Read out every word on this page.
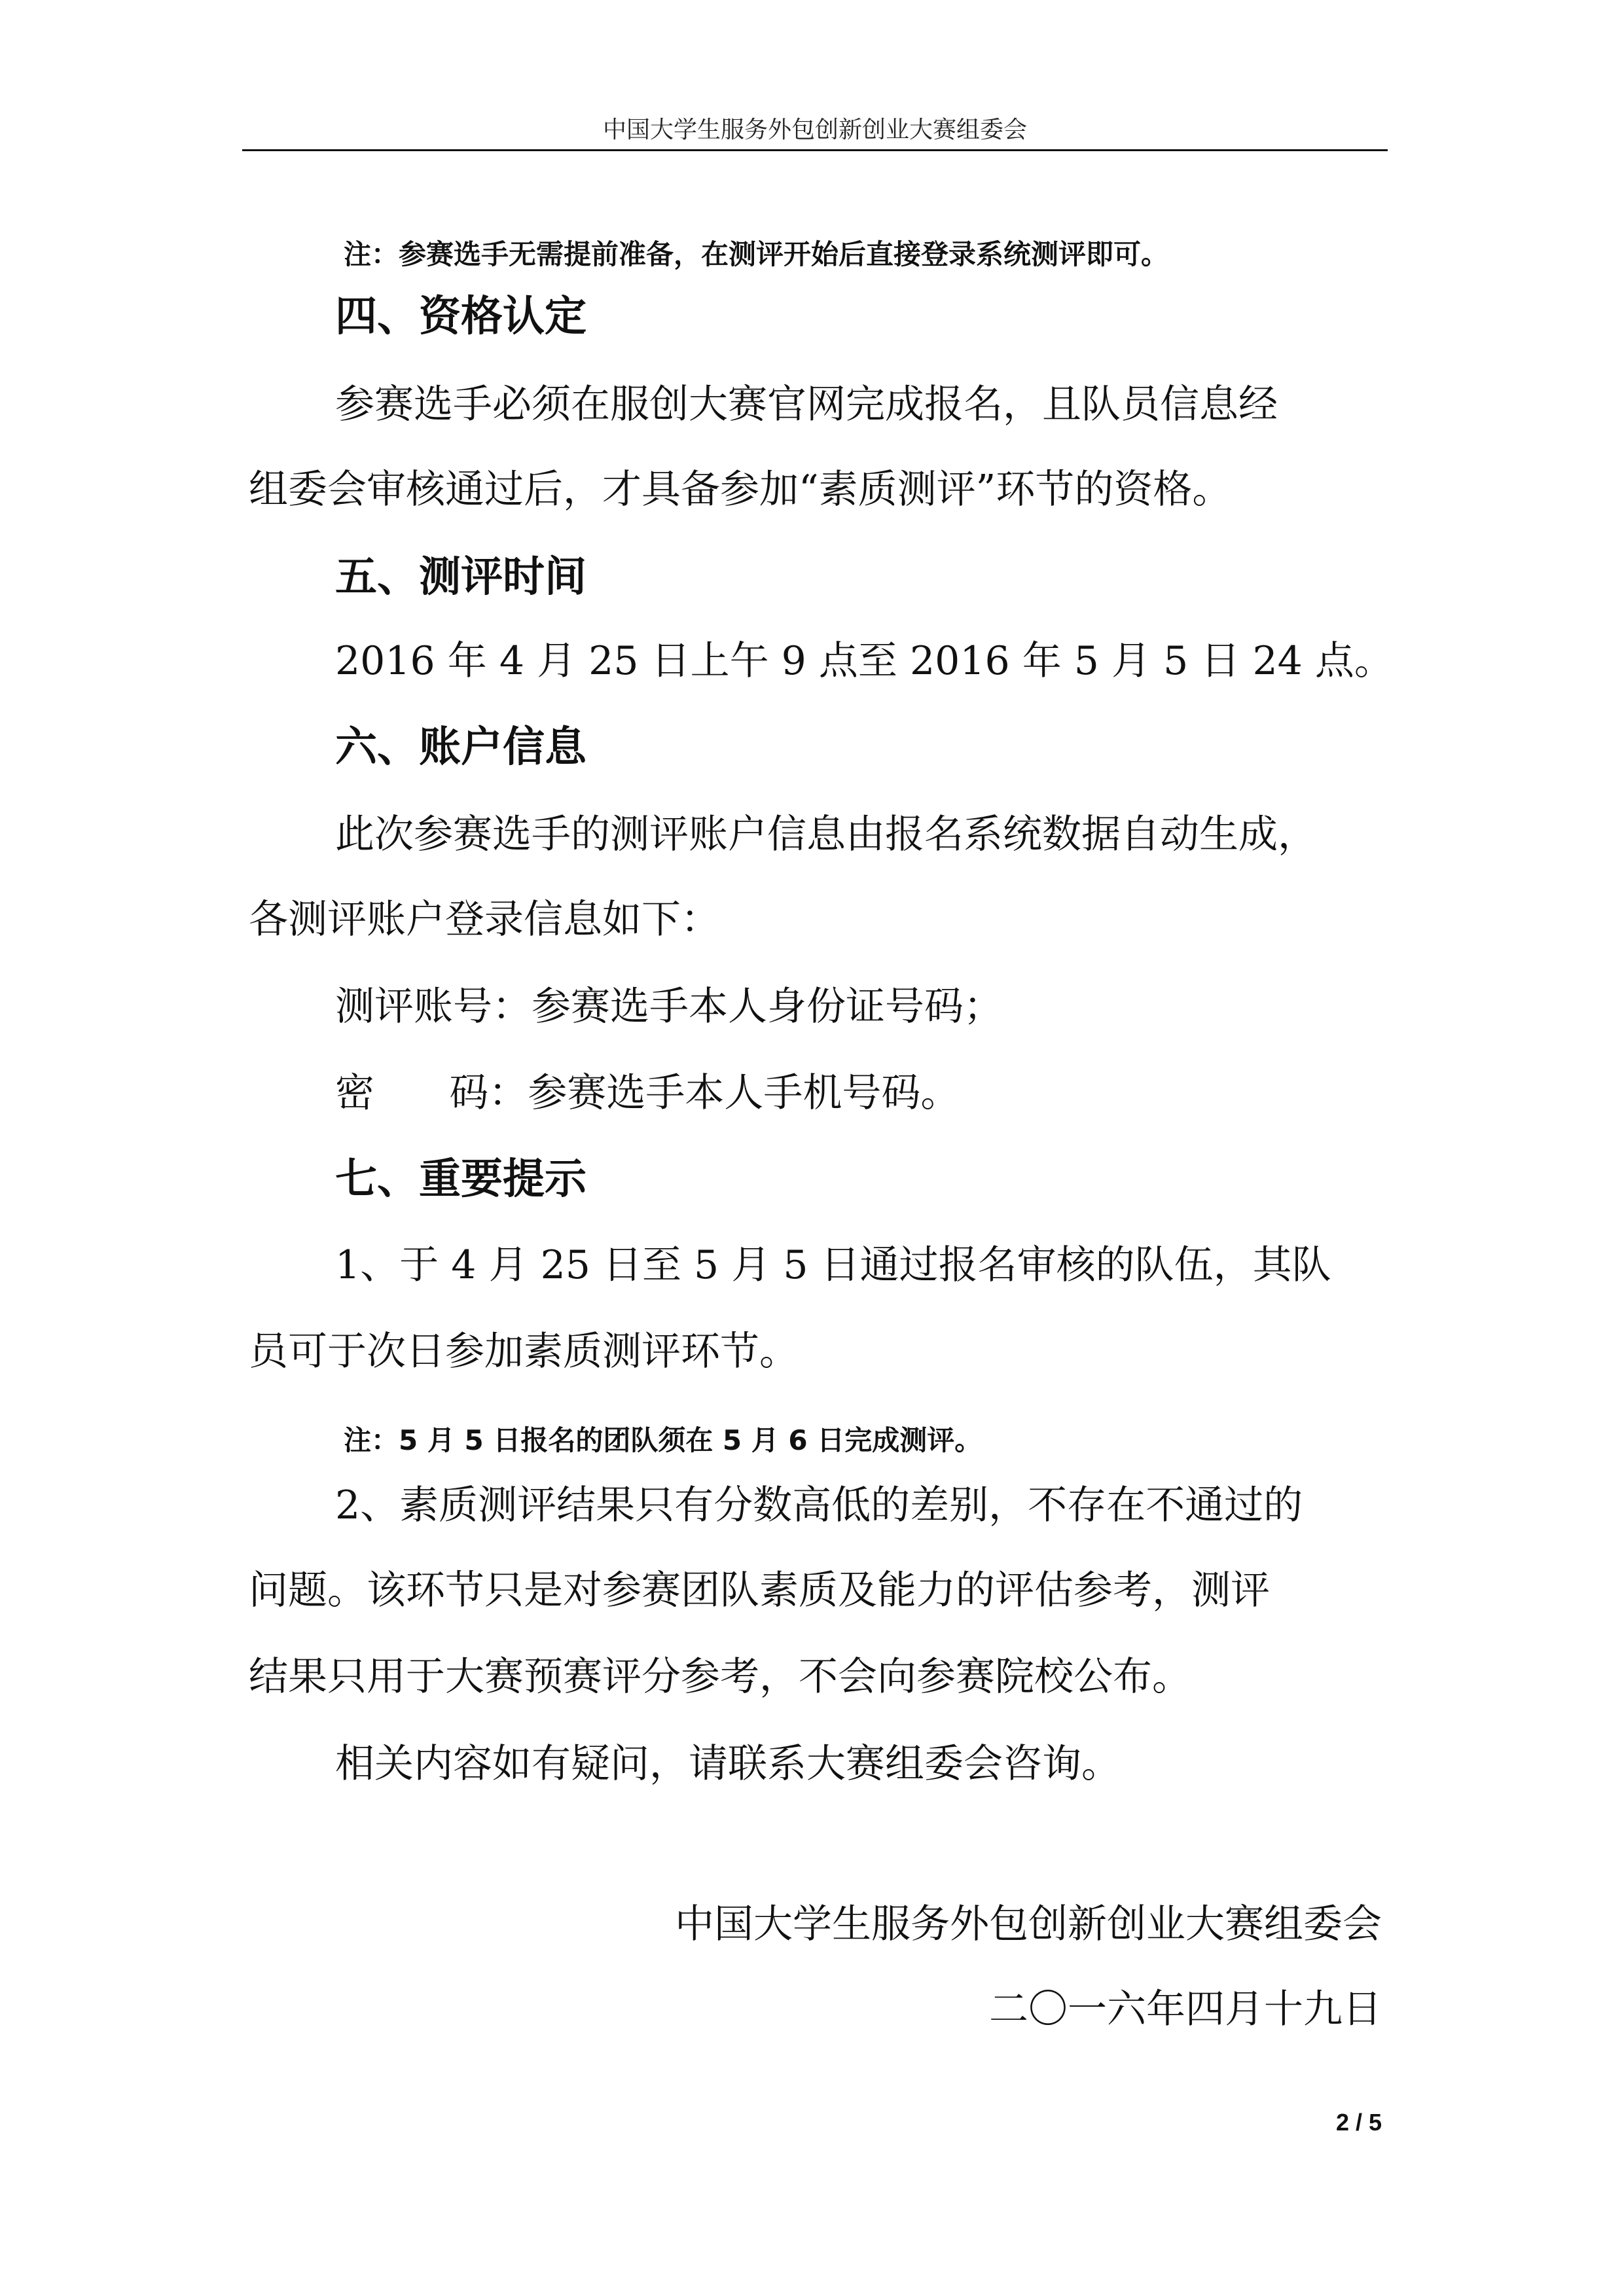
中国大学生服务外包创新创业大赛组委会
注：参赛选手无需提前准备，在测评开始后直接登录系统测评即可。
四、资格认定
参赛选手必须在服创大赛官网完成报名，且队员信息经
组委会审核通过后，才具备参加“素质测评”环节的资格。
五、测评时间
2016 年 4 月 25 日上午 9 点至 2016 年 5 月 5 日 24 点。
六、账户信息
此次参赛选手的测评账户信息由报名系统数据自动生成，
各测评账户登录信息如下：
测评账号：参赛选手本人身份证号码；
密      码：参赛选手本人手机号码。
七、重要提示
1、于 4 月 25 日至 5 月 5 日通过报名审核的队伍，其队
员可于次日参加素质测评环节。
注：5 月 5 日报名的团队须在 5 月 6 日完成测评。
2、素质测评结果只有分数高低的差别，不存在不通过的
问题。该环节只是对参赛团队素质及能力的评估参考，测评
结果只用于大赛预赛评分参考，不会向参赛院校公布。
相关内容如有疑问，请联系大赛组委会咨询。
中国大学生服务外包创新创业大赛组委会
二〇一六年四月十九日
2 / 5
